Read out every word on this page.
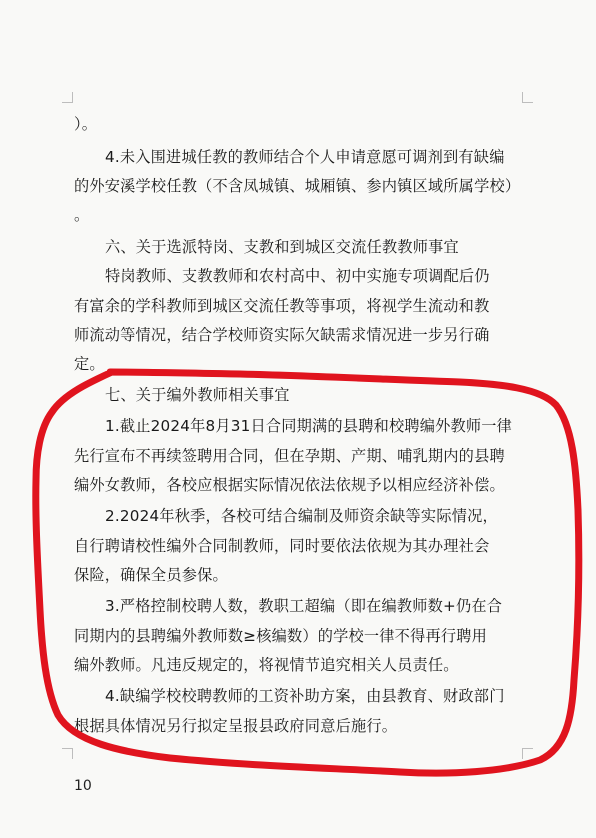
）。
4.未入围进城任教的教师结合个人申请意愿可调剂到有缺编
的外安溪学校任教（不含凤城镇、城厢镇、参内镇区域所属学校）
。
六、关于选派特岗、支教和到城区交流任教教师事宜
特岗教师、支教教师和农村高中、初中实施专项调配后仍
有富余的学科教师到城区交流任教等事项，将视学生流动和教
师流动等情况，结合学校师资实际欠缺需求情况进一步另行确
定。
七、关于编外教师相关事宜
1.截止2024年8月31日合同期满的县聘和校聘编外教师一律
先行宣布不再续签聘用合同，但在孕期、产期、哺乳期内的县聘
编外女教师，各校应根据实际情况依法依规予以相应经济补偿。
2.2024年秋季，各校可结合编制及师资余缺等实际情况，
自行聘请校性编外合同制教师，同时要依法依规为其办理社会
保险，确保全员参保。
3.严格控制校聘人数，教职工超编（即在编教师数+仍在合
同期内的县聘编外教师数≥核编数）的学校一律不得再行聘用
编外教师。凡违反规定的，将视情节追究相关人员责任。
4.缺编学校校聘教师的工资补助方案，由县教育、财政部门
根据具体情况另行拟定呈报县政府同意后施行。
10
